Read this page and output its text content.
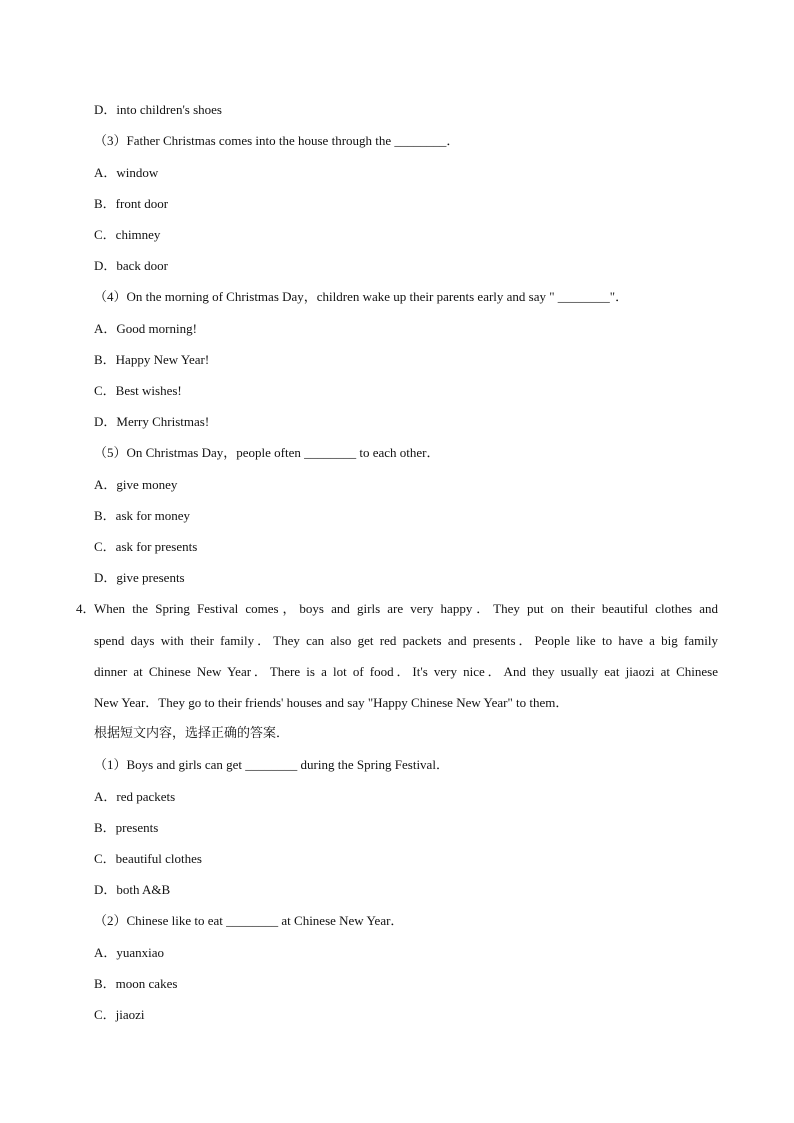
D．into children's shoes
（3）Father Christmas comes into the house through the ________．
A．window
B．front door
C．chimney
D．back door
（4）On the morning of Christmas Day，children wake up their parents early and say " ________"．
A．Good morning!
B．Happy New Year!
C．Best wishes!
D．Merry Christmas!
（5）On Christmas Day，people often ________ to each other．
A．give money
B．ask for money
C．ask for presents
D．give presents
4．
When the Spring Festival comes，boys and girls are very happy．They put on their beautiful clothes and
spend days with their family．They can also get red packets and presents．People like to have a big family
dinner at Chinese New Year．There is a lot of food．It's very nice．And they usually eat jiaozi at Chinese
New Year．They go to their friends' houses and say "Happy Chinese New Year" to them．
根据短文内容，选择正确的答案．
（1）Boys and girls can get ________ during the Spring Festival．
A．red packets
B．presents
C．beautiful clothes
D．both A&B
（2）Chinese like to eat ________ at Chinese New Year．
A．yuanxiao
B．moon cakes
C．jiaozi
